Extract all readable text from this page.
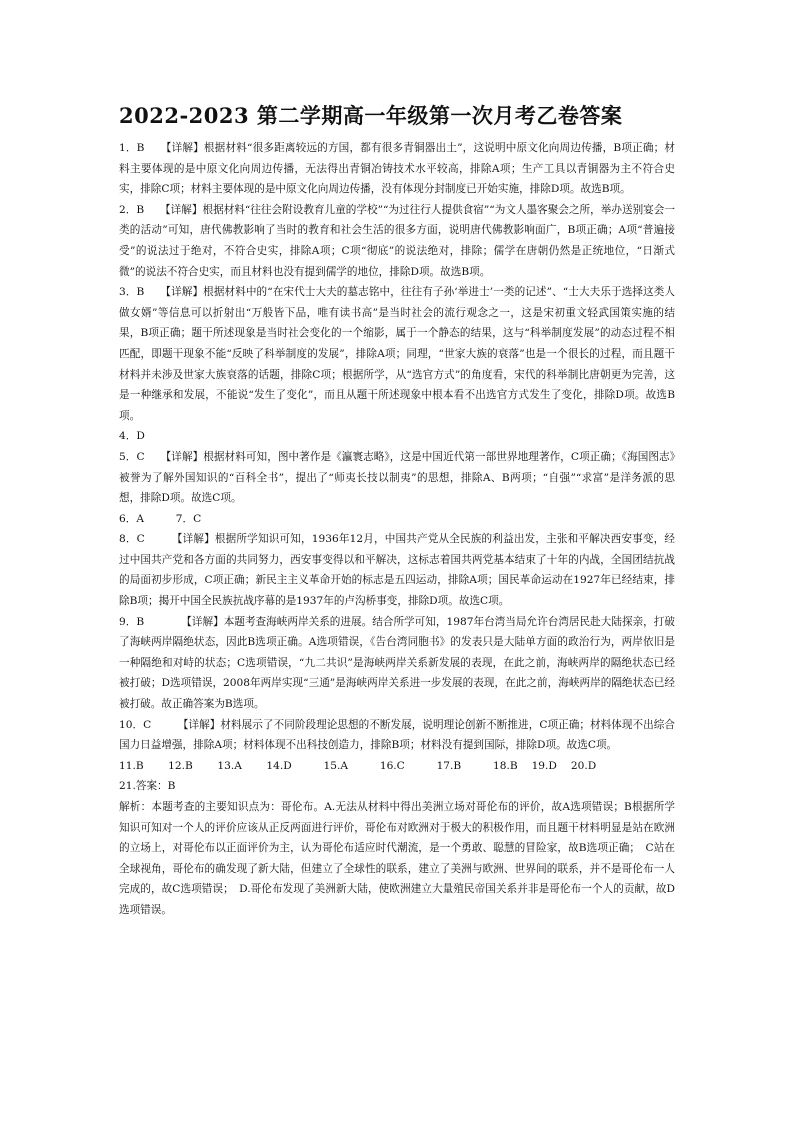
2022-2023 第二学期高一年级第一次月考乙卷答案

1．B　　【详解】根据材料“很多距离较远的方国，都有很多青铜器出土”，这说明中原文化向周边传播，B项正确；材料主要体现的是中原文化向周边传播，无法得出青铜冶铸技术水平较高，排除A项；生产工具以青铜器为主不符合史实，排除C项；材料主要体现的是中原文化向周边传播，没有体现分封制度已开始实施，排除D项。故选B项。

2．B　　【详解】根据材料“往往会附设教育儿童的学校”“为过往行人提供食宿”“为文人墨客聚会之所，举办送别宴会一类的活动”可知，唐代佛教影响了当时的教育和社会生活的很多方面，说明唐代佛教影响面广，B项正确；A项“普遍接受”的说法过于绝对，不符合史实，排除A项；C项“彻底”的说法绝对，排除；儒学在唐朝仍然是正统地位，“日渐式微”的说法不符合史实，而且材料也没有提到儒学的地位，排除D项。故选B项。

3．B　　【详解】根据材料中的“在宋代士大夫的墓志铭中，往往有子孙‘举进士’一类的记述”、“士大夫乐于选择这类人做女婿”等信息可以折射出“万般皆下品，唯有读书高”是当时社会的流行观念之一，这是宋初重文轻武国策实施的结果，B项正确；题干所述现象是当时社会变化的一个缩影，属于一个静态的结果，这与“科举制度发展”的动态过程不相匹配，即题干现象不能“反映了科举制度的发展”，排除A项；同理，“世家大族的衰落”也是一个很长的过程，而且题干材料并未涉及世家大族衰落的话题，排除C项；根据所学，从“选官方式”的角度看，宋代的科举制比唐朝更为完善，这是一种继承和发展，不能说“发生了变化”，而且从题干所述现象中根本看不出选官方式发生了变化，排除D项。故选B项。

4．D

5．C　　【详解】根据材料可知，图中著作是《瀛寰志略》，这是中国近代第一部世界地理著作，C项正确；《海国图志》被誉为了解外国知识的“百科全书”，提出了“师夷长技以制夷”的思想，排除A、B两项；“自强”“求富”是洋务派的思想，排除D项。故选C项。

6．A　　　7．C

8．C　　　【详解】根据所学知识可知，1936年12月，中国共产党从全民族的利益出发，主张和平解决西安事变，经过中国共产党和各方面的共同努力，西安事变得以和平解决，这标志着国共两党基本结束了十年的内战，全国团结抗战的局面初步形成，C项正确；新民主主义革命开始的标志是五四运动，排除A项；国民革命运动在1927年已经结束，排除B项；揭开中国全民族抗战序幕的是1937年的卢沟桥事变，排除D项。故选C项。

9．B　　　　【详解】本题考查海峡两岸关系的进展。结合所学可知，1987年台湾当局允许台湾居民赴大陆探亲，打破了海峡两岸隔绝状态，因此B选项正确。A选项错误，《告台湾同胞书》的发表只是大陆单方面的政治行为，两岸依旧是一种隔绝和对峙的状态；C选项错误，“九二共识”是海峡两岸关系新发展的表现，在此之前，海峡两岸的隔绝状态已经被打破；D选项错误，2008年两岸实现“三通”是海峡两岸关系进一步发展的表现，在此之前，海峡两岸的隔绝状态已经被打破。故正确答案为B选项。

10．C　　　【详解】材料展示了不同阶段理论思想的不断发展，说明理论创新不断推进，C项正确；材料体现不出综合国力日益增强，排除A项；材料体现不出科技创造力，排除B项；材料没有提到国际，排除D项。故选C项。

11.B　　 12.B　　 13.A　　 14.D　　　15.A　　　16.C　　　17.B　　　18.B　 19.D　 20.D

21.答案：B

解析：本题考查的主要知识点为：哥伦布。A.无法从材料中得出美洲立场对哥伦布的评价，故A选项错误；B根据所学知识可知对一个人的评价应该从正反两面进行评价，哥伦布对欧洲对于极大的积极作用，而且题干材料明显是站在欧洲的立场上，对哥伦布以正面评价为主，认为哥伦布适应时代潮流，是一个勇敢、聪慧的冒险家，故B选项正确；　C站在全球视角，哥伦布的确发现了新大陆，但建立了全球性的联系，建立了美洲与欧洲、世界间的联系，并不是哥伦布一人完成的，故C选项错误；　D.哥伦布发现了美洲新大陆，使欧洲建立大量殖民帝国关系并非是哥伦布一个人的贡献，故D选项错误。
